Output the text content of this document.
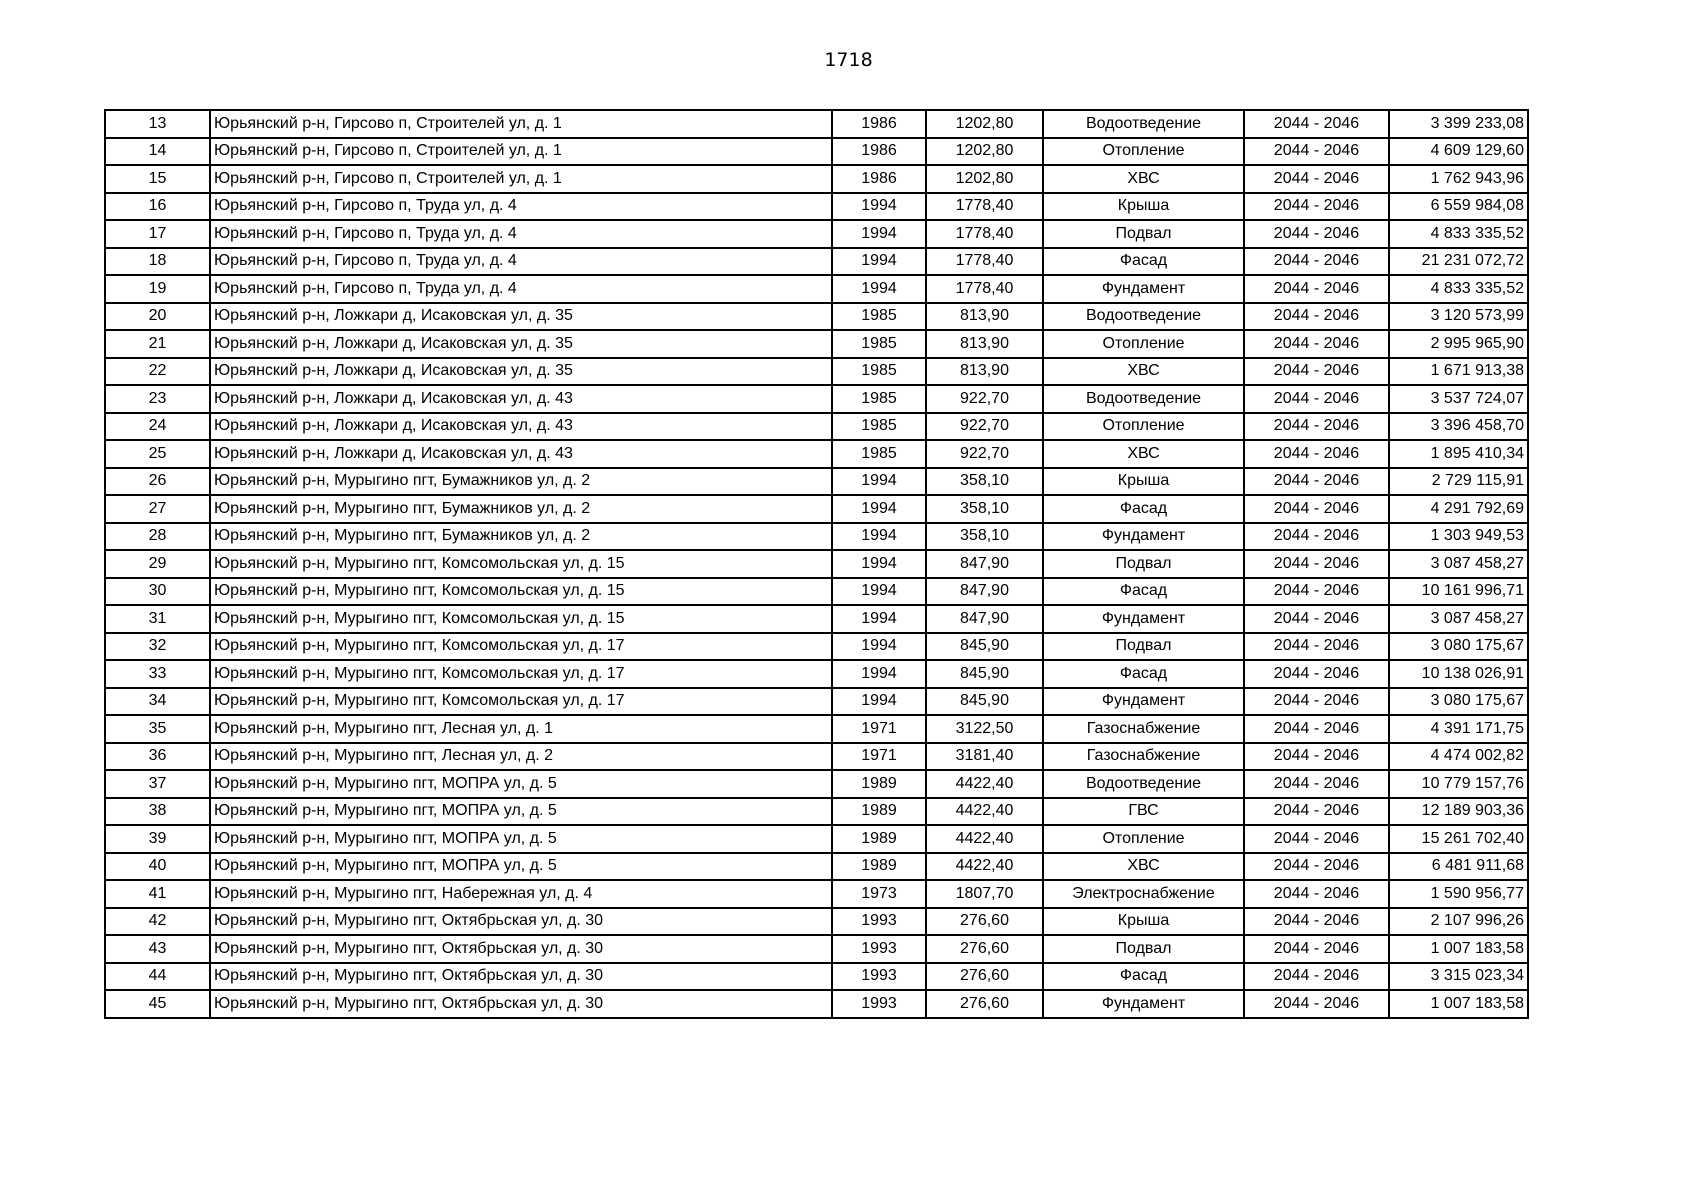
1718
13	Юрьянский р-н, Гирсово п, Строителей ул, д. 1	1986	1202,80	Водоотведение	2044 - 2046	3 399 233,08
14	Юрьянский р-н, Гирсово п, Строителей ул, д. 1	1986	1202,80	Отопление	2044 - 2046	4 609 129,60
15	Юрьянский р-н, Гирсово п, Строителей ул, д. 1	1986	1202,80	ХВС	2044 - 2046	1 762 943,96
16	Юрьянский р-н, Гирсово п, Труда ул, д. 4	1994	1778,40	Крыша	2044 - 2046	6 559 984,08
17	Юрьянский р-н, Гирсово п, Труда ул, д. 4	1994	1778,40	Подвал	2044 - 2046	4 833 335,52
18	Юрьянский р-н, Гирсово п, Труда ул, д. 4	1994	1778,40	Фасад	2044 - 2046	21 231 072,72
19	Юрьянский р-н, Гирсово п, Труда ул, д. 4	1994	1778,40	Фундамент	2044 - 2046	4 833 335,52
20	Юрьянский р-н, Ложкари д, Исаковская ул, д. 35	1985	813,90	Водоотведение	2044 - 2046	3 120 573,99
21	Юрьянский р-н, Ложкари д, Исаковская ул, д. 35	1985	813,90	Отопление	2044 - 2046	2 995 965,90
22	Юрьянский р-н, Ложкари д, Исаковская ул, д. 35	1985	813,90	ХВС	2044 - 2046	1 671 913,38
23	Юрьянский р-н, Ложкари д, Исаковская ул, д. 43	1985	922,70	Водоотведение	2044 - 2046	3 537 724,07
24	Юрьянский р-н, Ложкари д, Исаковская ул, д. 43	1985	922,70	Отопление	2044 - 2046	3 396 458,70
25	Юрьянский р-н, Ложкари д, Исаковская ул, д. 43	1985	922,70	ХВС	2044 - 2046	1 895 410,34
26	Юрьянский р-н, Мурыгино пгт, Бумажников ул, д. 2	1994	358,10	Крыша	2044 - 2046	2 729 115,91
27	Юрьянский р-н, Мурыгино пгт, Бумажников ул, д. 2	1994	358,10	Фасад	2044 - 2046	4 291 792,69
28	Юрьянский р-н, Мурыгино пгт, Бумажников ул, д. 2	1994	358,10	Фундамент	2044 - 2046	1 303 949,53
29	Юрьянский р-н, Мурыгино пгт, Комсомольская ул, д. 15	1994	847,90	Подвал	2044 - 2046	3 087 458,27
30	Юрьянский р-н, Мурыгино пгт, Комсомольская ул, д. 15	1994	847,90	Фасад	2044 - 2046	10 161 996,71
31	Юрьянский р-н, Мурыгино пгт, Комсомольская ул, д. 15	1994	847,90	Фундамент	2044 - 2046	3 087 458,27
32	Юрьянский р-н, Мурыгино пгт, Комсомольская ул, д. 17	1994	845,90	Подвал	2044 - 2046	3 080 175,67
33	Юрьянский р-н, Мурыгино пгт, Комсомольская ул, д. 17	1994	845,90	Фасад	2044 - 2046	10 138 026,91
34	Юрьянский р-н, Мурыгино пгт, Комсомольская ул, д. 17	1994	845,90	Фундамент	2044 - 2046	3 080 175,67
35	Юрьянский р-н, Мурыгино пгт, Лесная ул, д. 1	1971	3122,50	Газоснабжение	2044 - 2046	4 391 171,75
36	Юрьянский р-н, Мурыгино пгт, Лесная ул, д. 2	1971	3181,40	Газоснабжение	2044 - 2046	4 474 002,82
37	Юрьянский р-н, Мурыгино пгт, МОПРА ул, д. 5	1989	4422,40	Водоотведение	2044 - 2046	10 779 157,76
38	Юрьянский р-н, Мурыгино пгт, МОПРА ул, д. 5	1989	4422,40	ГВС	2044 - 2046	12 189 903,36
39	Юрьянский р-н, Мурыгино пгт, МОПРА ул, д. 5	1989	4422,40	Отопление	2044 - 2046	15 261 702,40
40	Юрьянский р-н, Мурыгино пгт, МОПРА ул, д. 5	1989	4422,40	ХВС	2044 - 2046	6 481 911,68
41	Юрьянский р-н, Мурыгино пгт, Набережная ул, д. 4	1973	1807,70	Электроснабжение	2044 - 2046	1 590 956,77
42	Юрьянский р-н, Мурыгино пгт, Октябрьская ул, д. 30	1993	276,60	Крыша	2044 - 2046	2 107 996,26
43	Юрьянский р-н, Мурыгино пгт, Октябрьская ул, д. 30	1993	276,60	Подвал	2044 - 2046	1 007 183,58
44	Юрьянский р-н, Мурыгино пгт, Октябрьская ул, д. 30	1993	276,60	Фасад	2044 - 2046	3 315 023,34
45	Юрьянский р-н, Мурыгино пгт, Октябрьская ул, д. 30	1993	276,60	Фундамент	2044 - 2046	1 007 183,58
